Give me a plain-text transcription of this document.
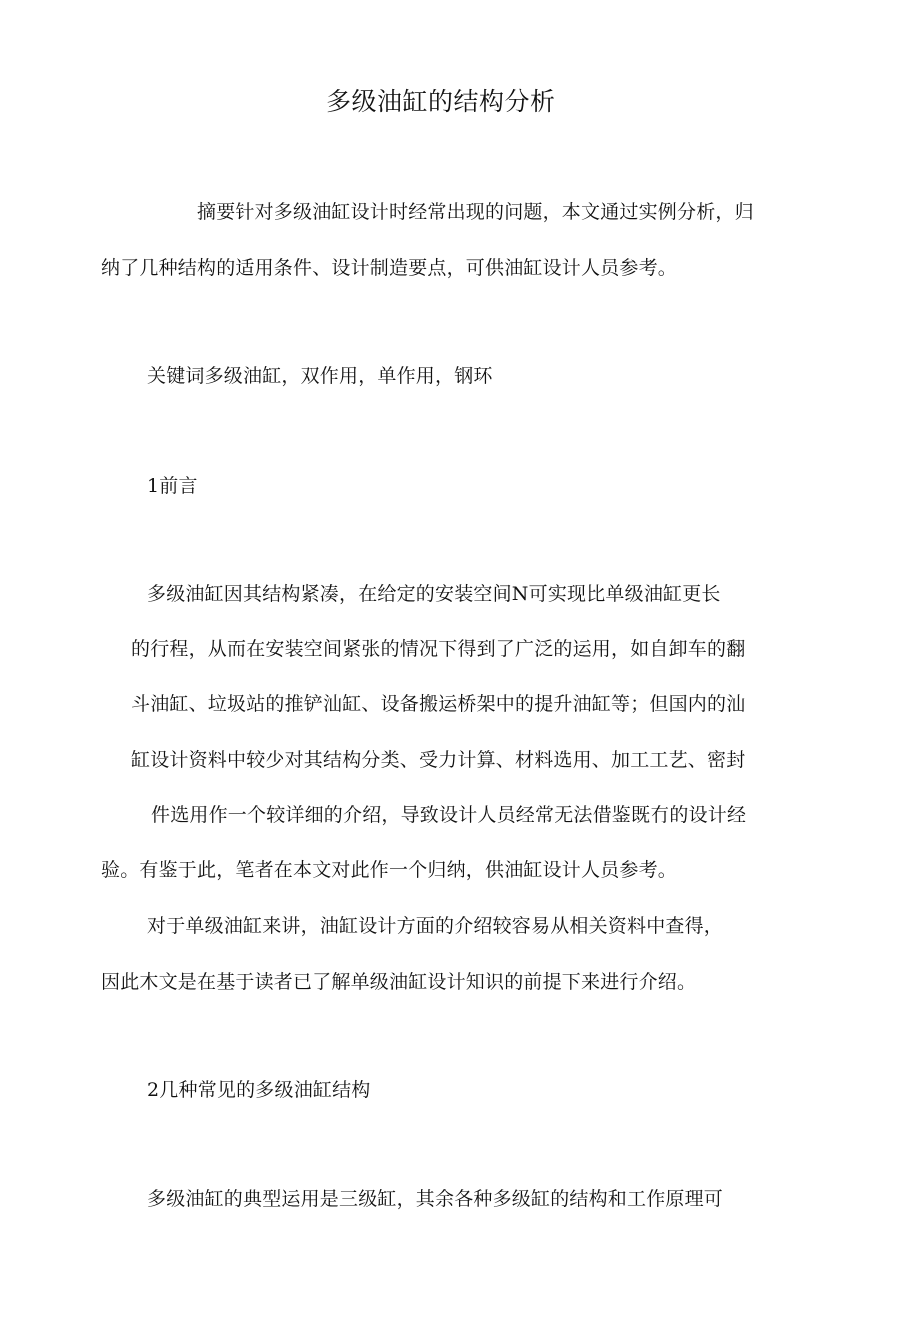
多级油缸的结构分析
摘要针对多级油缸设计时经常出现的问题，本文通过实例分析，归
纳了几种结构的适用条件、设计制造要点，可供油缸设计人员参考。
关键词多级油缸，双作用，单作用，钢环
1前言
多级油缸因其结构紧凑，在给定的安装空间N可实现比单级油缸更长
的行程，从而在安装空间紧张的情况下得到了广泛的运用，如自卸车的翻
斗油缸、垃圾站的推铲汕缸、设备搬运桥架中的提升油缸等；但国内的汕
缸设计资料中较少对其结构分类、受力计算、材料选用、加工工艺、密封
件选用作一个较详细的介绍，导致设计人员经常无法借鉴既冇的设计经
验。有鉴于此，笔者在本文对此作一个归纳，供油缸设计人员参考。
对于单级油缸来讲，油缸设计方面的介绍较容易从相关资料中查得，
因此木文是在基于读者已了解单级油缸设计知识的前提下来进行介绍。
2几种常见的多级油缸结构
多级油缸的典型运用是三级缸，其余各种多级缸的结构和工作原理可
